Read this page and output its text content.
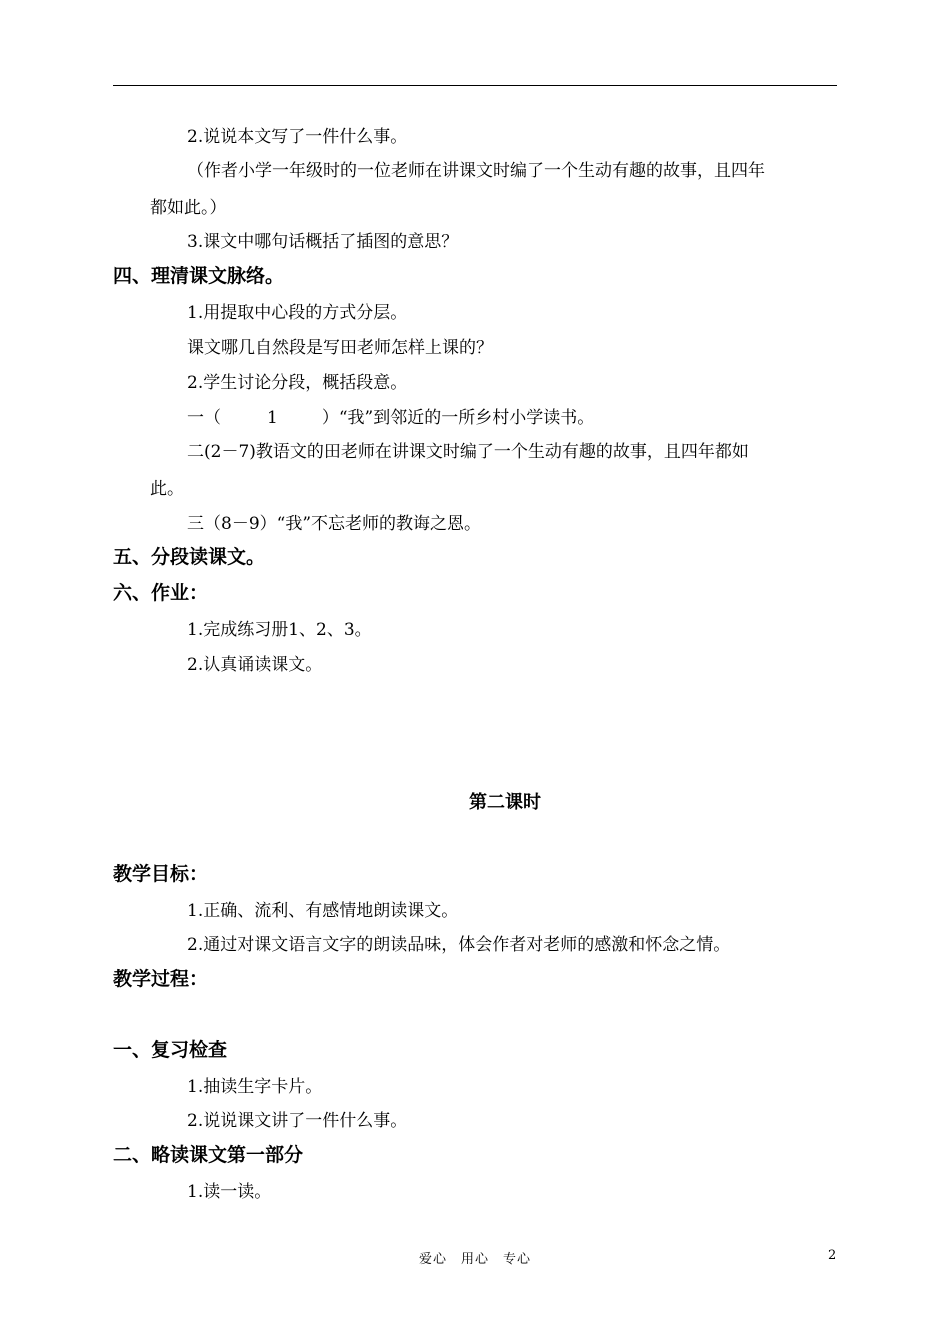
2.说说本文写了一件什么事。
（作者小学一年级时的一位老师在讲课文时编了一个生动有趣的故事，且四年
都如此。）
3.课文中哪句话概括了插图的意思？
四、理清课文脉络。
1.用提取中心段的方式分层。
课文哪几自然段是写田老师怎样上课的？
2.学生讨论分段，概括段意。
一（	1	）“我”到邻近的一所乡村小学读书。
二(2－7)教语文的田老师在讲课文时编了一个生动有趣的故事，且四年都如
此。
三（8－9）“我”不忘老师的教诲之恩。
五、分段读课文。
六、作业：
1.完成练习册1、2、3。
2.认真诵读课文。
第二课时
教学目标：
1.正确、流利、有感情地朗读课文。
2.通过对课文语言文字的朗读品味，体会作者对老师的感激和怀念之情。
教学过程：
一、复习检查
1.抽读生字卡片。
2.说说课文讲了一件什么事。
二、略读课文第一部分
1.读一读。
爱心　用心　专心	2
